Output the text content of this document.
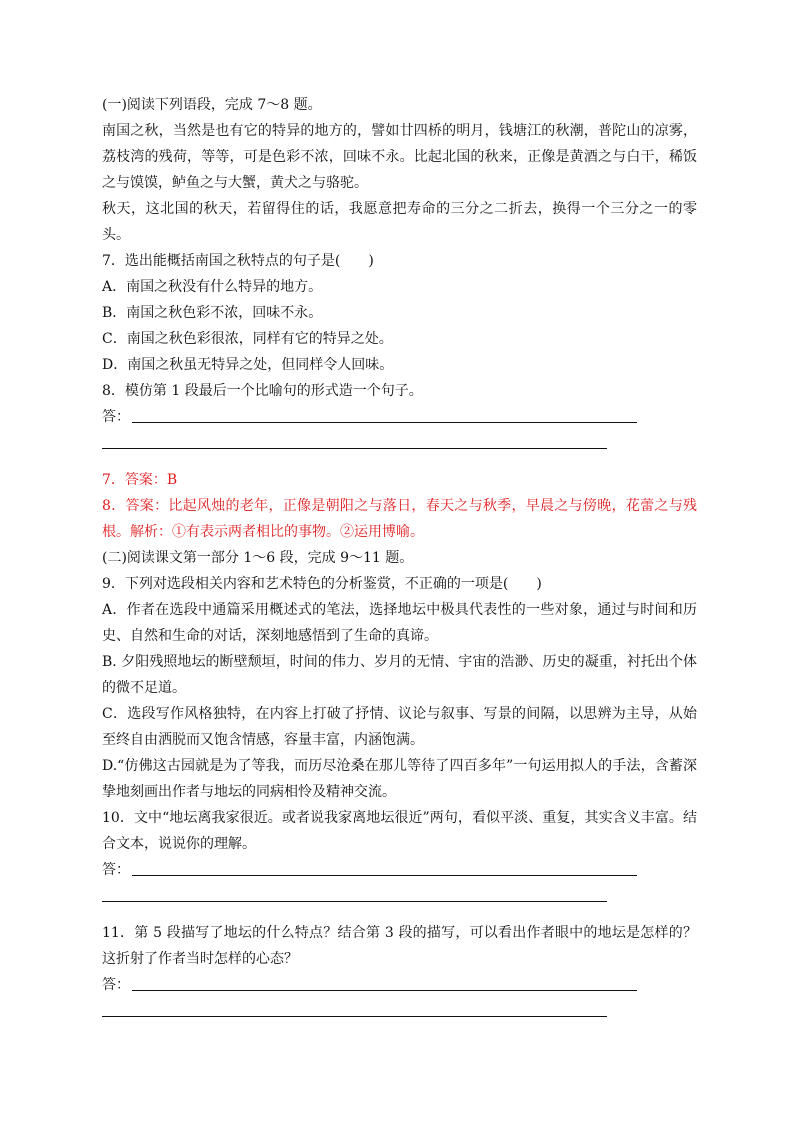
(一)阅读下列语段，完成 7～8 题。

南国之秋，当然是也有它的特异的地方的，譬如廿四桥的明月，钱塘江的秋潮，普陀山的凉雾，荔枝湾的残荷，等等，可是色彩不浓，回味不永。比起北国的秋来，正像是黄酒之与白干，稀饭之与馍馍，鲈鱼之与大蟹，黄犬之与骆驼。

秋天，这北国的秋天，若留得住的话，我愿意把寿命的三分之二折去，换得一个三分之一的零头。

7．选出能概括南国之秋特点的句子是(　　)

A．南国之秋没有什么特异的地方。

B．南国之秋色彩不浓，回味不永。

C．南国之秋色彩很浓，同样有它的特异之处。

D．南国之秋虽无特异之处，但同样令人回味。

8．模仿第 1 段最后一个比喻句的形式造一个句子。

答：

7．答案：B

8．答案：比起风烛的老年，正像是朝阳之与落日，春天之与秋季，早晨之与傍晚，花蕾之与残根。解析：①有表示两者相比的事物。②运用博喻。

(二)阅读课文第一部分 1～6 段，完成 9～11 题。

9．下列对选段相关内容和艺术特色的分析鉴赏，不正确的一项是(　　)

A．作者在选段中通篇采用概述式的笔法，选择地坛中极具代表性的一些对象，通过与时间和历史、自然和生命的对话，深刻地感悟到了生命的真谛。

B. 夕阳残照地坛的断壁颓垣，时间的伟力、岁月的无情、宇宙的浩渺、历史的凝重，衬托出个体的微不足道。

C．选段写作风格独特，在内容上打破了抒情、议论与叙事、写景的间隔，以思辨为主导，从始至终自由洒脱而又饱含情感，容量丰富，内涵饱满。

D.“仿佛这古园就是为了等我，而历尽沧桑在那儿等待了四百多年”一句运用拟人的手法，含蓄深挚地刻画出作者与地坛的同病相怜及精神交流。

10．文中“地坛离我家很近。或者说我家离地坛很近”两句，看似平淡、重复，其实含义丰富。结合文本，说说你的理解。

答：

11．第 5 段描写了地坛的什么特点？结合第 3 段的描写，可以看出作者眼中的地坛是怎样的？这折射了作者当时怎样的心态？

答：
